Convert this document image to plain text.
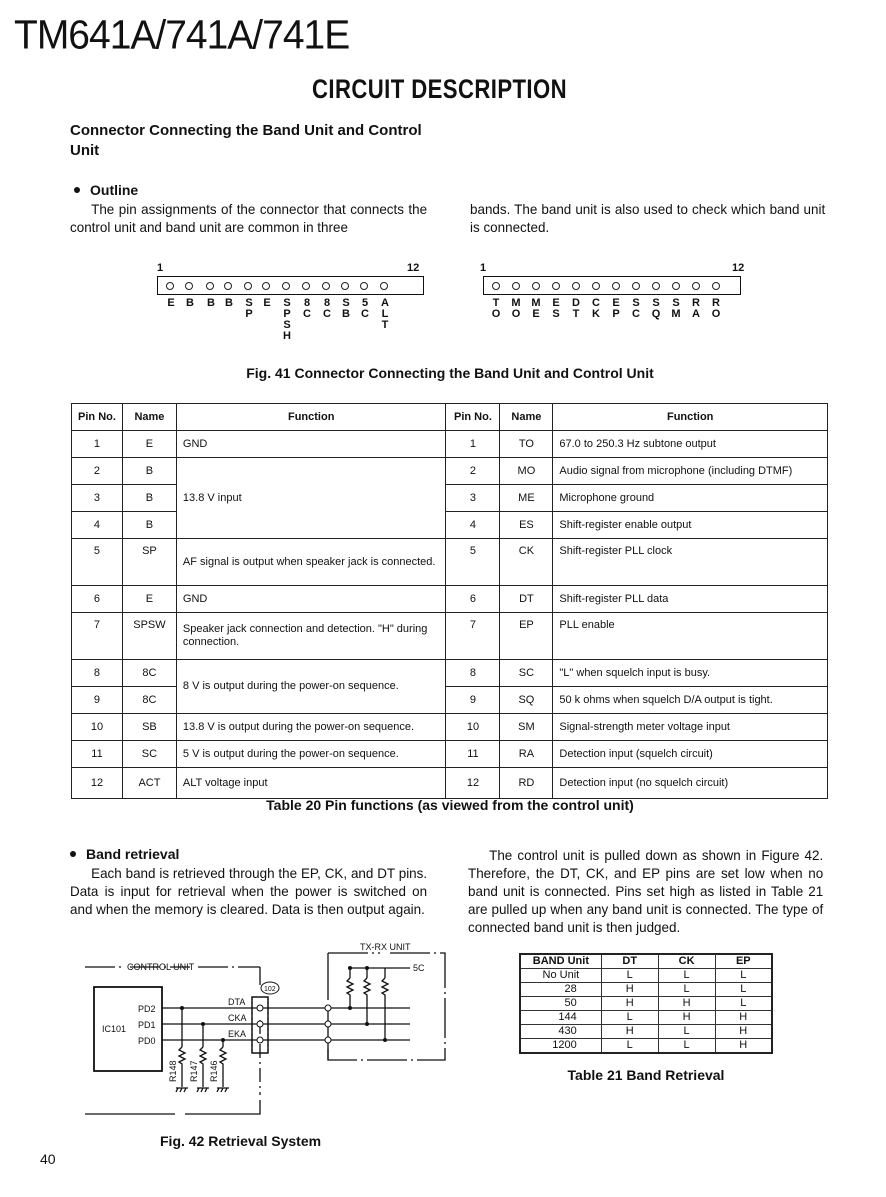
TM641A/741A/741E
CIRCUIT DESCRIPTION
Connector Connecting the Band Unit and Control Unit
Outline
The pin assignments of the connector that connects the control unit and band unit are common in three
bands. The band unit is also used to check which band unit is connected.
1	12
E B B B S
P
E S
P
S
H
8
C
8
C
S
B
5
C
A
L
T
1	12
T
O
M
O
M
E
E
S
D
T
C
K
E
P
S
C
S
Q
S
M
R
A
R
O
Fig. 41 Connector Connecting the Band Unit and Control Unit
Pin No.	Name	Function	Pin No.	Name	Function
1	E	GND	1	TO	67.0 to 250.3 Hz subtone output
2	B	13.8 V input	2	MO	Audio signal from microphone (including DTMF)
3	B		3	ME	Microphone ground
4	B		4	ES	Shift-register enable output
5	SP	AF signal is output when speaker jack is connected.	5	CK	Shift-register PLL clock
6	E	GND	6	DT	Shift-register PLL data
7	SPSW	Speaker jack connection and detection. "H" during connection.	7	EP	PLL enable
8	8C	8 V is output during the power-on sequence.	8	SC	"L" when squelch input is busy.
9	8C		9	SQ	50 k ohms when squelch D/A output is tight.
10	SB	13.8 V is output during the power-on sequence.	10	SM	Signal-strength meter voltage input
11	SC	5 V is output during the power-on sequence.	11	RA	Detection input (squelch circuit)
12	ACT	ALT voltage input	12	RD	Detection input (no squelch circuit)
Table 20 Pin functions (as viewed from the control unit)
Band retrieval
Each band is retrieved through the EP, CK, and DT pins. Data is input for retrieval when the power is switched on and when the memory is cleared. Data is then output again.
The control unit is pulled down as shown in Figure 42. Therefore, the DT, CK, and EP pins are set low when no band unit is connected. Pins set high as listed in Table 21 are pulled up when any band unit is connected. The type of connected band unit is then judged.
CONTROL UNIT
TX-RX UNIT
IC101
PD2
PD1
PD0
DTA
CKA
EKA
102
5C
R148 R147 R146
Fig. 42 Retrieval System
BAND Unit	DT	CK	EP
No Unit	L	L	L
28	H	L	L
50	H	H	L
144	L	H	H
430	H	L	H
1200	L	L	H
Table 21 Band Retrieval
40
